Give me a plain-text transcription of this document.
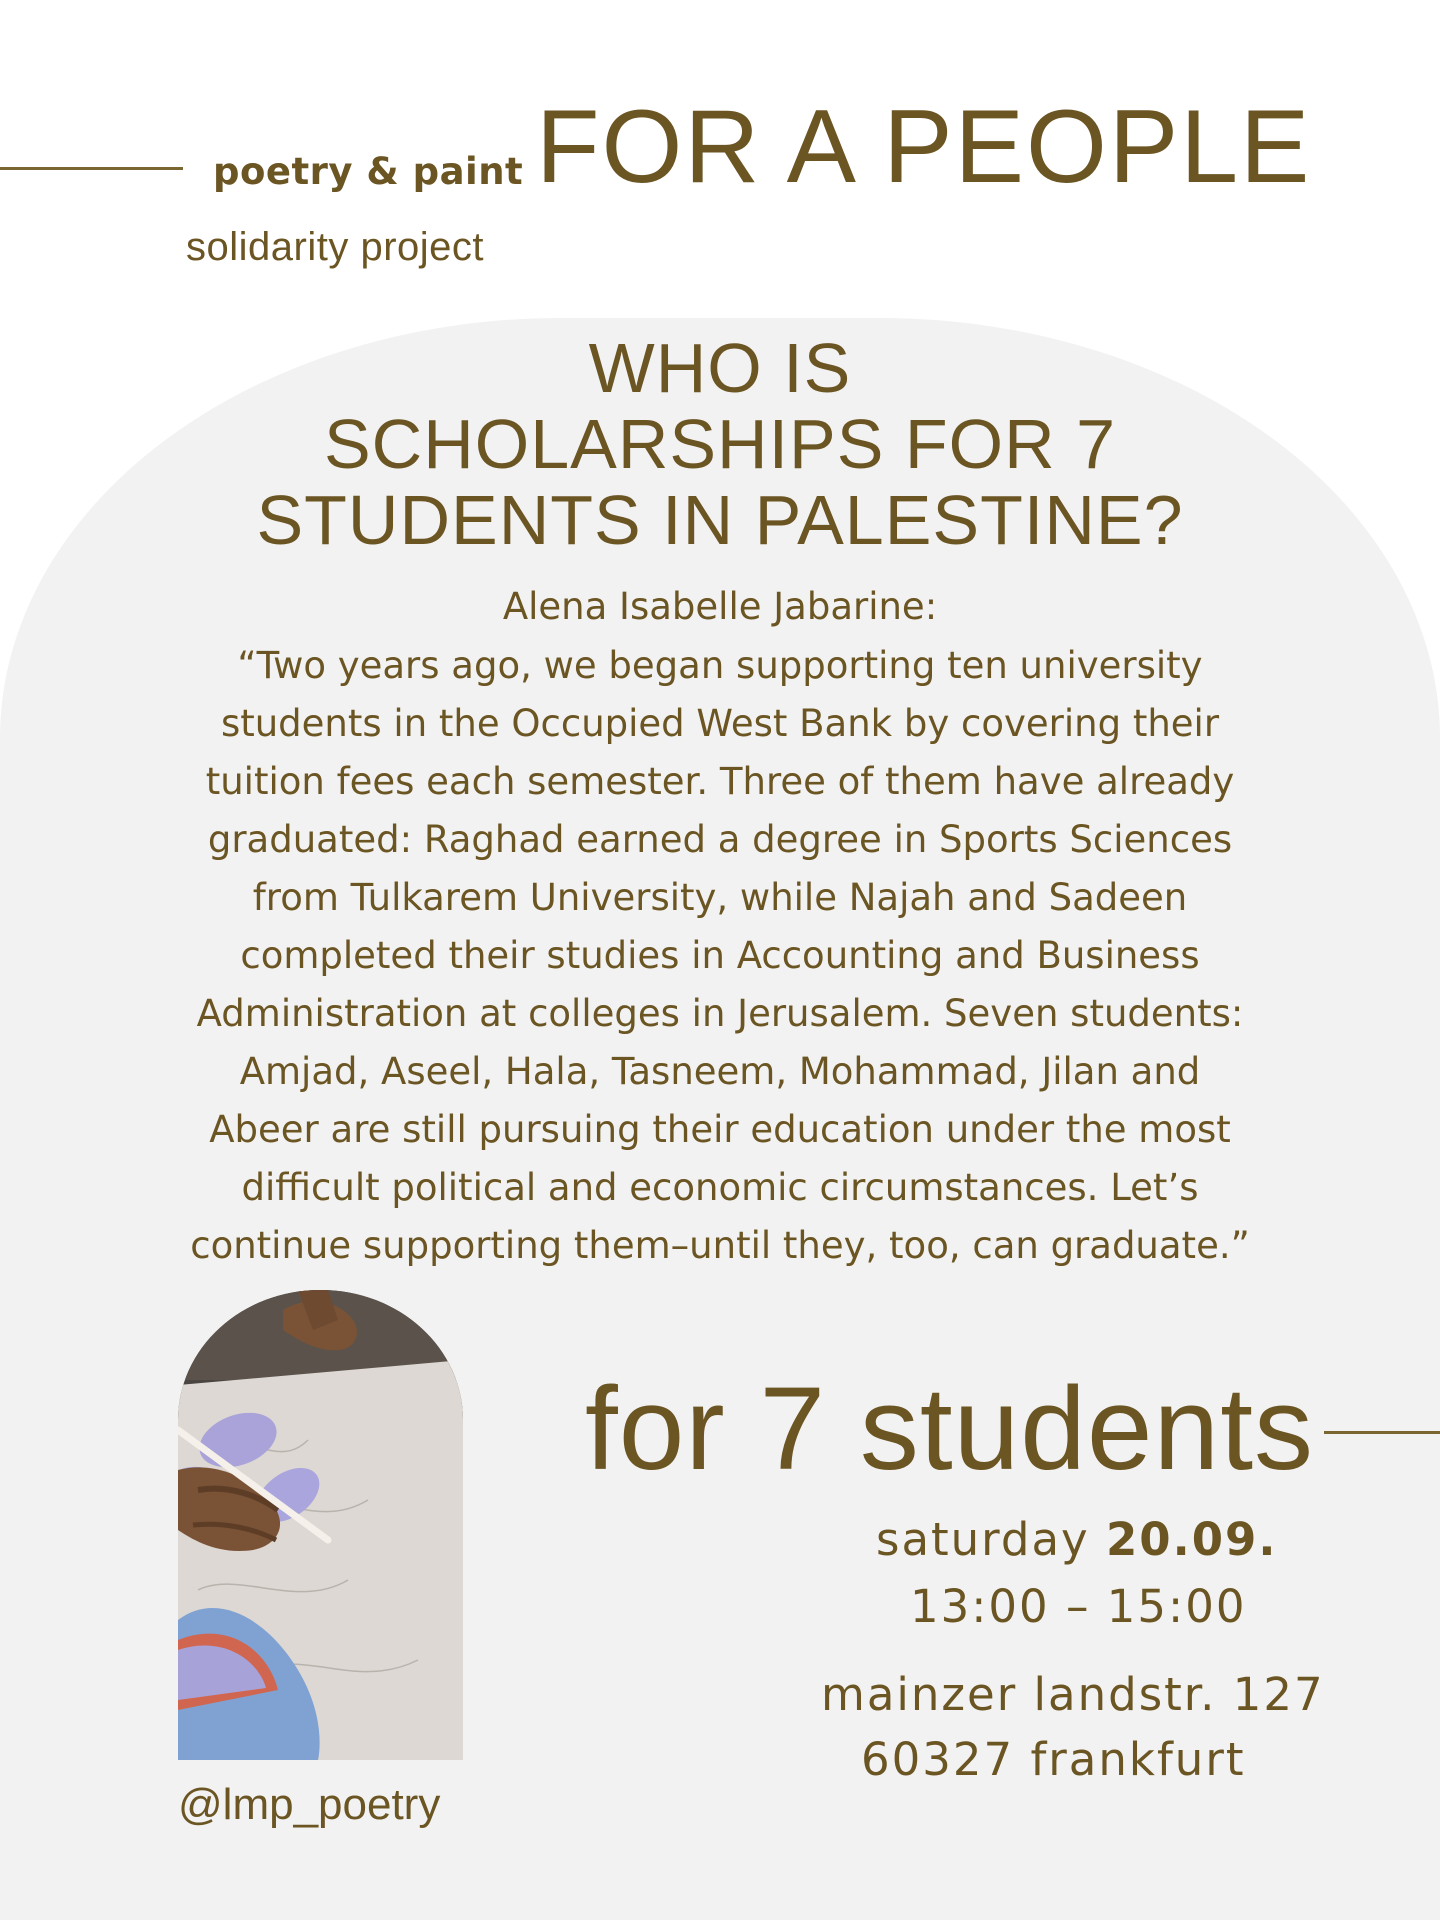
poetry & paint
solidarity project
FOR A PEOPLE
WHO IS
SCHOLARSHIPS FOR 7
STUDENTS IN PALESTINE?
Alena Isabelle Jabarine:
“Two years ago, we began supporting ten university
students in the Occupied West Bank by covering their
tuition fees each semester. Three of them have already
graduated: Raghad earned a degree in Sports Sciences
from Tulkarem University, while Najah and Sadeen
completed their studies in Accounting and Business
Administration at colleges in Jerusalem. Seven students:
Amjad, Aseel, Hala, Tasneem, Mohammad, Jilan and
Abeer are still pursuing their education under the most
difficult political and economic circumstances. Let’s
continue supporting them–until they, too, can graduate.”
@lmp_poetry
for 7 students
saturday 20.09.
13:00 – 15:00
mainzer landstr. 127
60327 frankfurt
